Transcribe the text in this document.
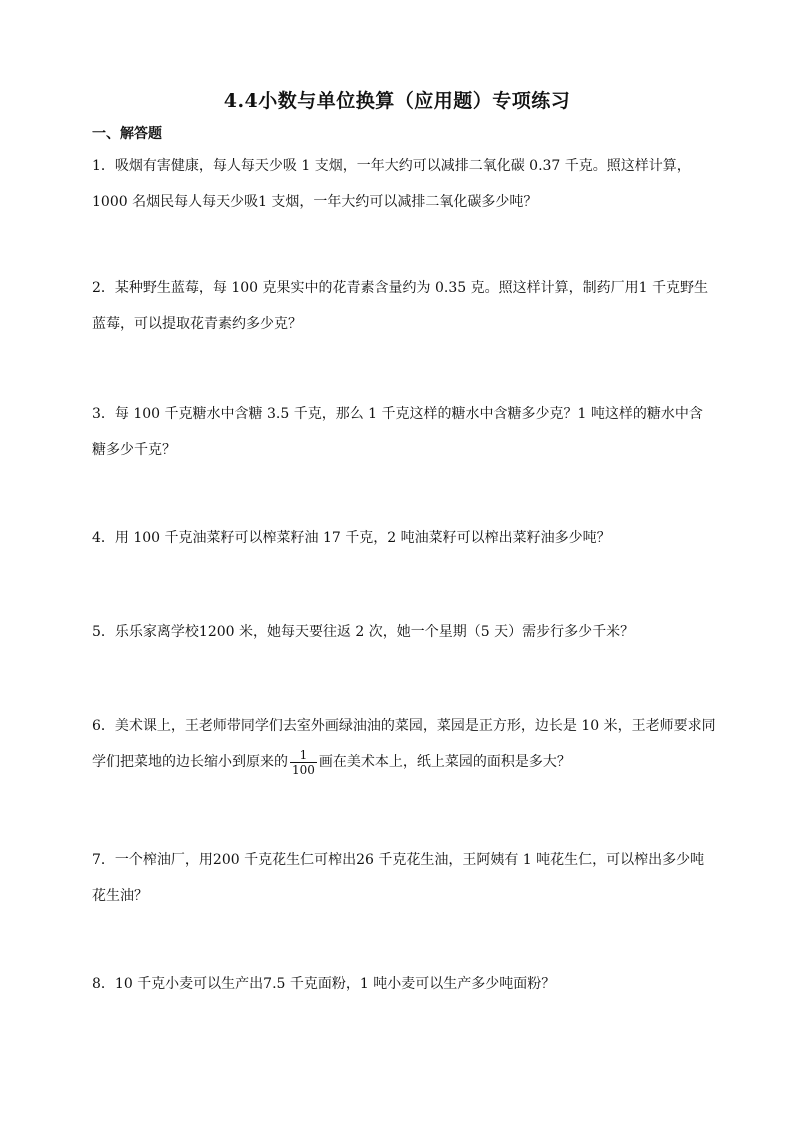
4.4小数与单位换算（应用题）专项练习
一、解答题
1．吸烟有害健康，每人每天少吸 1 支烟，一年大约可以减排二氧化碳 0.37 千克。照这样计算，1000 名烟民每人每天少吸1 支烟，一年大约可以减排二氧化碳多少吨？
2．某种野生蓝莓，每 100 克果实中的花青素含量约为 0.35 克。照这样计算，制药厂用1 千克野生蓝莓，可以提取花青素约多少克？
3．每 100 千克糖水中含糖 3.5 千克，那么 1 千克这样的糖水中含糖多少克？1 吨这样的糖水中含糖多少千克？
4．用 100 千克油菜籽可以榨菜籽油 17 千克，2 吨油菜籽可以榨出菜籽油多少吨？
5．乐乐家离学校1200 米，她每天要往返 2 次，她一个星期（5 天）需步行多少千米？
6．美术课上，王老师带同学们去室外画绿油油的菜园，菜园是正方形，边长是 10 米，王老师要求同学们把菜地的边长缩小到原来的 $\frac{1}{100}$ 画在美术本上，纸上菜园的面积是多大？
7．一个榨油厂，用200 千克花生仁可榨出26 千克花生油，王阿姨有 1 吨花生仁，可以榨出多少吨花生油？
8．10 千克小麦可以生产出7.5 千克面粉，1 吨小麦可以生产多少吨面粉？
